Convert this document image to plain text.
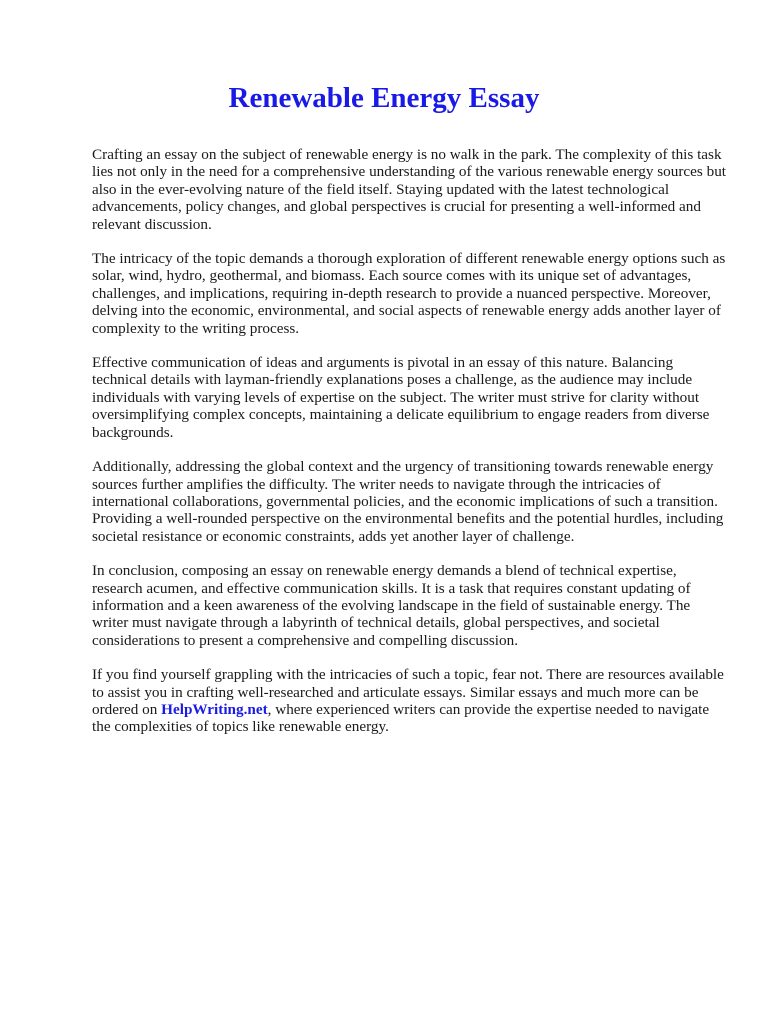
Renewable Energy Essay

Crafting an essay on the subject of renewable energy is no walk in the park. The complexity of this task lies not only in the need for a comprehensive understanding of the various renewable energy sources but also in the ever-evolving nature of the field itself. Staying updated with the latest technological advancements, policy changes, and global perspectives is crucial for presenting a well-informed and relevant discussion.

The intricacy of the topic demands a thorough exploration of different renewable energy options such as solar, wind, hydro, geothermal, and biomass. Each source comes with its unique set of advantages, challenges, and implications, requiring in-depth research to provide a nuanced perspective. Moreover, delving into the economic, environmental, and social aspects of renewable energy adds another layer of complexity to the writing process.

Effective communication of ideas and arguments is pivotal in an essay of this nature. Balancing technical details with layman-friendly explanations poses a challenge, as the audience may include individuals with varying levels of expertise on the subject. The writer must strive for clarity without oversimplifying complex concepts, maintaining a delicate equilibrium to engage readers from diverse backgrounds.

Additionally, addressing the global context and the urgency of transitioning towards renewable energy sources further amplifies the difficulty. The writer needs to navigate through the intricacies of international collaborations, governmental policies, and the economic implications of such a transition. Providing a well-rounded perspective on the environmental benefits and the potential hurdles, including societal resistance or economic constraints, adds yet another layer of challenge.

In conclusion, composing an essay on renewable energy demands a blend of technical expertise, research acumen, and effective communication skills. It is a task that requires constant updating of information and a keen awareness of the evolving landscape in the field of sustainable energy. The writer must navigate through a labyrinth of technical details, global perspectives, and societal considerations to present a comprehensive and compelling discussion.

If you find yourself grappling with the intricacies of such a topic, fear not. There are resources available to assist you in crafting well-researched and articulate essays. Similar essays and much more can be ordered on HelpWriting.net, where experienced writers can provide the expertise needed to navigate the complexities of topics like renewable energy.
